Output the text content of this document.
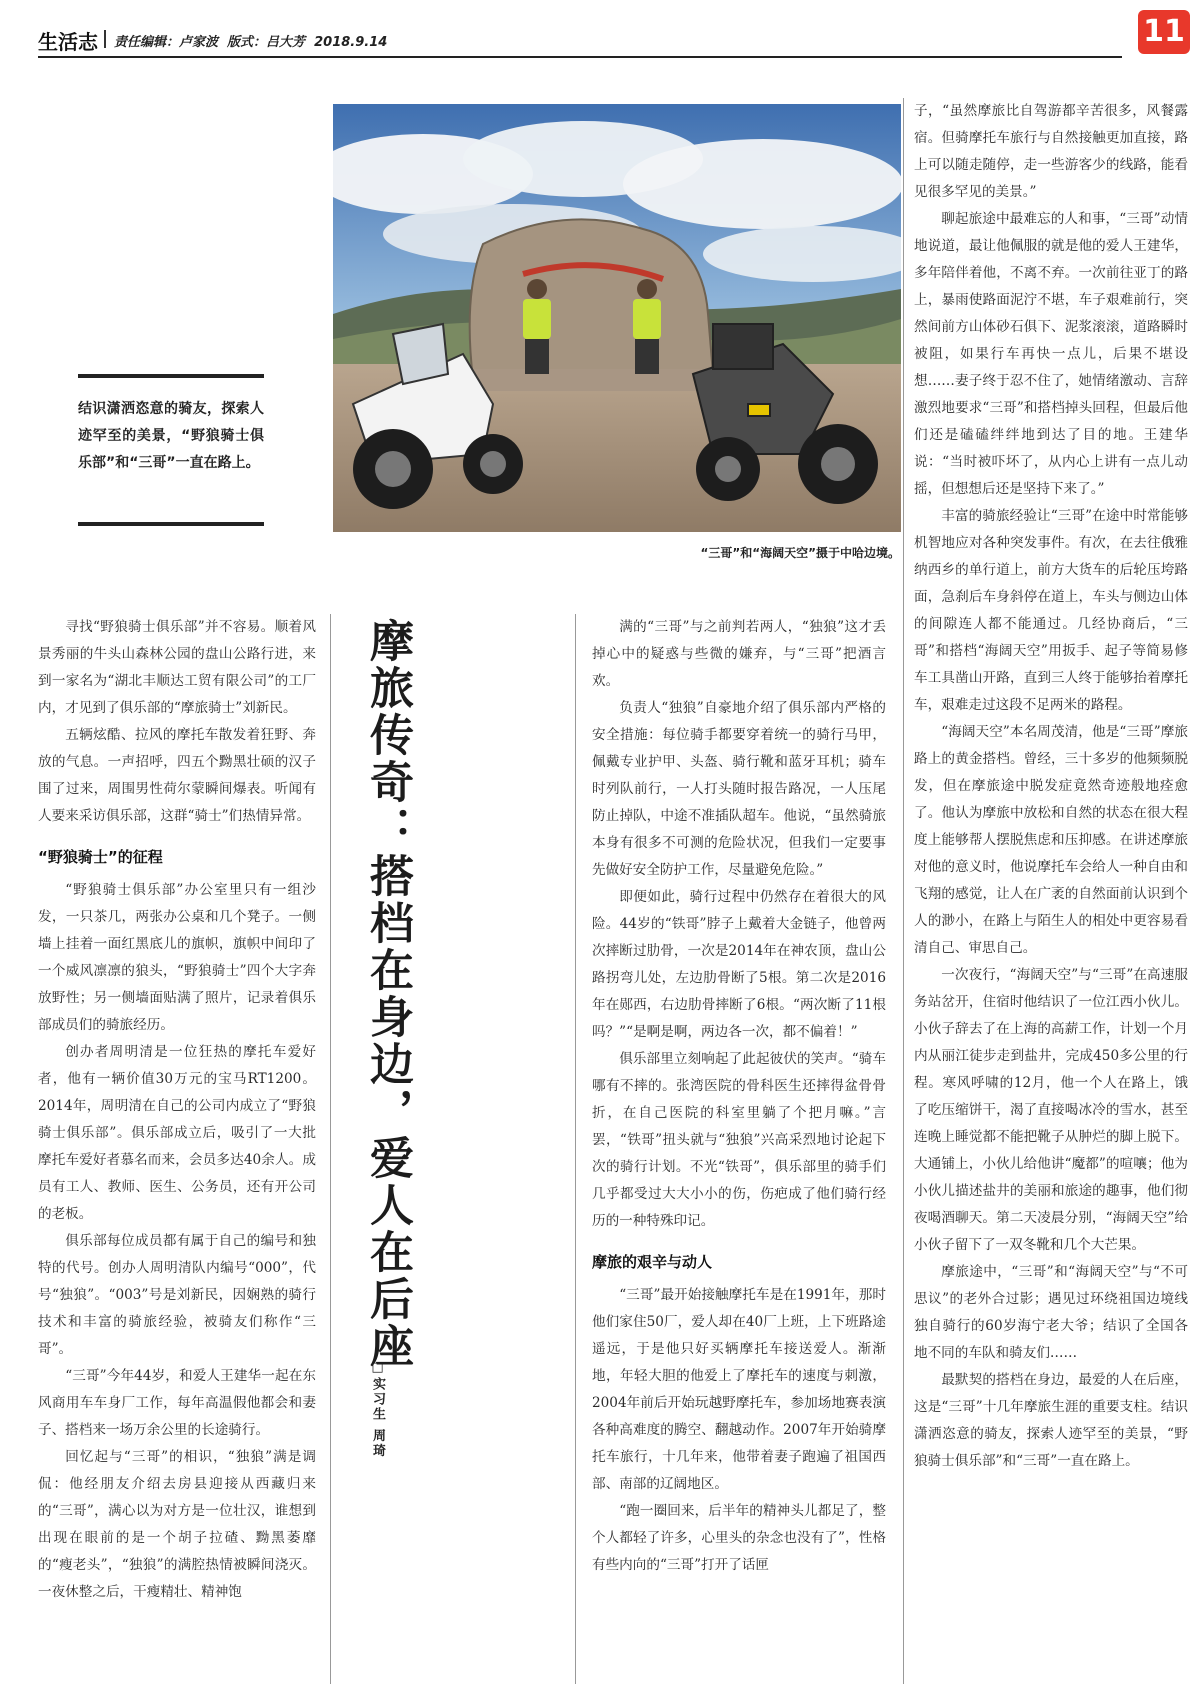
生活志 责任编辑：卢家波  版式：吕大芳  2018.9.14	11
“三哥”和“海阔天空”摄于中哈边境。
结识潇洒恣意的骑友，探索人迹罕至的美景，“野狼骑士俱乐部”和“三哥”一直在路上。
摩旅传奇：搭档在身边，爱人在后座
□实习生 周琦

寻找“野狼骑士俱乐部”并不容易。顺着风景秀丽的牛头山森林公园的盘山公路行进，来到一家名为“湖北丰顺达工贸有限公司”的工厂内，才见到了俱乐部的“摩旅骑士”刘新民。

五辆炫酷、拉风的摩托车散发着狂野、奔放的气息。一声招呼，四五个黝黑壮硕的汉子围了过来，周围男性荷尔蒙瞬间爆表。听闻有人要来采访俱乐部，这群“骑士”们热情异常。

“野狼骑士”的征程

“野狼骑士俱乐部”办公室里只有一组沙发，一只茶几，两张办公桌和几个凳子。一侧墙上挂着一面红黑底儿的旗帜，旗帜中间印了一个威风凛凛的狼头，“野狼骑士”四个大字奔放野性；另一侧墙面贴满了照片，记录着俱乐部成员们的骑旅经历。

创办者周明清是一位狂热的摩托车爱好者，他有一辆价值30万元的宝马RT1200。2014年，周明清在自己的公司内成立了“野狼骑士俱乐部”。俱乐部成立后，吸引了一大批摩托车爱好者慕名而来，会员多达40余人。成员有工人、教师、医生、公务员，还有开公司的老板。

俱乐部每位成员都有属于自己的编号和独特的代号。创办人周明清队内编号“000”，代号“独狼”。“003”号是刘新民，因娴熟的骑行技术和丰富的骑旅经验，被骑友们称作“三哥”。

“三哥”今年44岁，和爱人王建华一起在东风商用车车身厂工作，每年高温假他都会和妻子、搭档来一场万余公里的长途骑行。

回忆起与“三哥”的相识，“独狼”满是调侃：他经朋友介绍去房县迎接从西藏归来的“三哥”，满心以为对方是一位壮汉，谁想到出现在眼前的是一个胡子拉碴、黝黑萎靡的“瘦老头”，“独狼”的满腔热情被瞬间浇灭。一夜休整之后，干瘦精壮、精神饱

满的“三哥”与之前判若两人，“独狼”这才丢掉心中的疑惑与些微的嫌弃，与“三哥”把酒言欢。

负责人“独狼”自豪地介绍了俱乐部内严格的安全措施：每位骑手都要穿着统一的骑行马甲，佩戴专业护甲、头盔、骑行靴和蓝牙耳机；骑车时列队前行，一人打头随时报告路况，一人压尾防止掉队，中途不准插队超车。他说，“虽然骑旅本身有很多不可测的危险状况，但我们一定要事先做好安全防护工作，尽量避免危险。”

即便如此，骑行过程中仍然存在着很大的风险。44岁的“铁哥”脖子上戴着大金链子，他曾两次摔断过肋骨，一次是2014年在神农顶，盘山公路拐弯儿处，左边肋骨断了5根。第二次是2016年在郧西，右边肋骨摔断了6根。“两次断了11根吗？”“是啊是啊，两边各一次，都不偏着！”

俱乐部里立刻响起了此起彼伏的笑声。“骑车哪有不摔的。张湾医院的骨科医生还摔得盆骨骨折，在自己医院的科室里躺了个把月嘛。”言罢，“铁哥”扭头就与“独狼”兴高采烈地讨论起下次的骑行计划。不光“铁哥”，俱乐部里的骑手们几乎都受过大大小小的伤，伤疤成了他们骑行经历的一种特殊印记。

摩旅的艰辛与动人

“三哥”最开始接触摩托车是在1991年，那时他们家住50厂，爱人却在40厂上班，上下班路途遥远，于是他只好买辆摩托车接送爱人。渐渐地，年轻大胆的他爱上了摩托车的速度与刺激，2004年前后开始玩越野摩托车，参加场地赛表演各种高难度的腾空、翻越动作。2007年开始骑摩托车旅行，十几年来，他带着妻子跑遍了祖国西部、南部的辽阔地区。

“跑一圈回来，后半年的精神头儿都足了，整个人都轻了许多，心里头的杂念也没有了”，性格有些内向的“三哥”打开了话匣

子，“虽然摩旅比自驾游都辛苦很多，风餐露宿。但骑摩托车旅行与自然接触更加直接，路上可以随走随停，走一些游客少的线路，能看见很多罕见的美景。”

聊起旅途中最难忘的人和事，“三哥”动情地说道，最让他佩服的就是他的爱人王建华，多年陪伴着他，不离不弃。一次前往亚丁的路上，暴雨使路面泥泞不堪，车子艰难前行，突然间前方山体砂石俱下、泥浆滚滚，道路瞬时被阻，如果行车再快一点儿，后果不堪设想……妻子终于忍不住了，她情绪激动、言辞激烈地要求“三哥”和搭档掉头回程，但最后他们还是磕磕绊绊地到达了目的地。王建华说：“当时被吓坏了，从内心上讲有一点儿动摇，但想想后还是坚持下来了。”

丰富的骑旅经验让“三哥”在途中时常能够机智地应对各种突发事件。有次，在去往俄雅纳西乡的单行道上，前方大货车的后轮压垮路面，急刹后车身斜停在道上，车头与侧边山体的间隙连人都不能通过。几经协商后，“三哥”和搭档“海阔天空”用扳手、起子等简易修车工具凿山开路，直到三人终于能够抬着摩托车，艰难走过这段不足两米的路程。

“海阔天空”本名周茂清，他是“三哥”摩旅路上的黄金搭档。曾经，三十多岁的他频频脱发，但在摩旅途中脱发症竟然奇迹般地痊愈了。他认为摩旅中放松和自然的状态在很大程度上能够帮人摆脱焦虑和压抑感。在讲述摩旅对他的意义时，他说摩托车会给人一种自由和飞翔的感觉，让人在广袤的自然面前认识到个人的渺小，在路上与陌生人的相处中更容易看清自己、审思自己。

一次夜行，“海阔天空”与“三哥”在高速服务站岔开，住宿时他结识了一位江西小伙儿。小伙子辞去了在上海的高薪工作，计划一个月内从丽江徒步走到盐井，完成450多公里的行程。寒风呼啸的12月，他一个人在路上，饿了吃压缩饼干，渴了直接喝冰冷的雪水，甚至连晚上睡觉都不能把靴子从肿烂的脚上脱下。大通铺上，小伙儿给他讲“魔都”的喧嚷；他为小伙儿描述盐井的美丽和旅途的趣事，他们彻夜喝酒聊天。第二天凌晨分别，“海阔天空”给小伙子留下了一双冬靴和几个大芒果。

摩旅途中，“三哥”和“海阔天空”与“不可思议”的老外合过影；遇见过环绕祖国边境线独自骑行的60岁海宁老大爷；结识了全国各地不同的车队和骑友们……

最默契的搭档在身边，最爱的人在后座，这是“三哥”十几年摩旅生涯的重要支柱。结识潇洒恣意的骑友，探索人迹罕至的美景，“野狼骑士俱乐部”和“三哥”一直在路上。
